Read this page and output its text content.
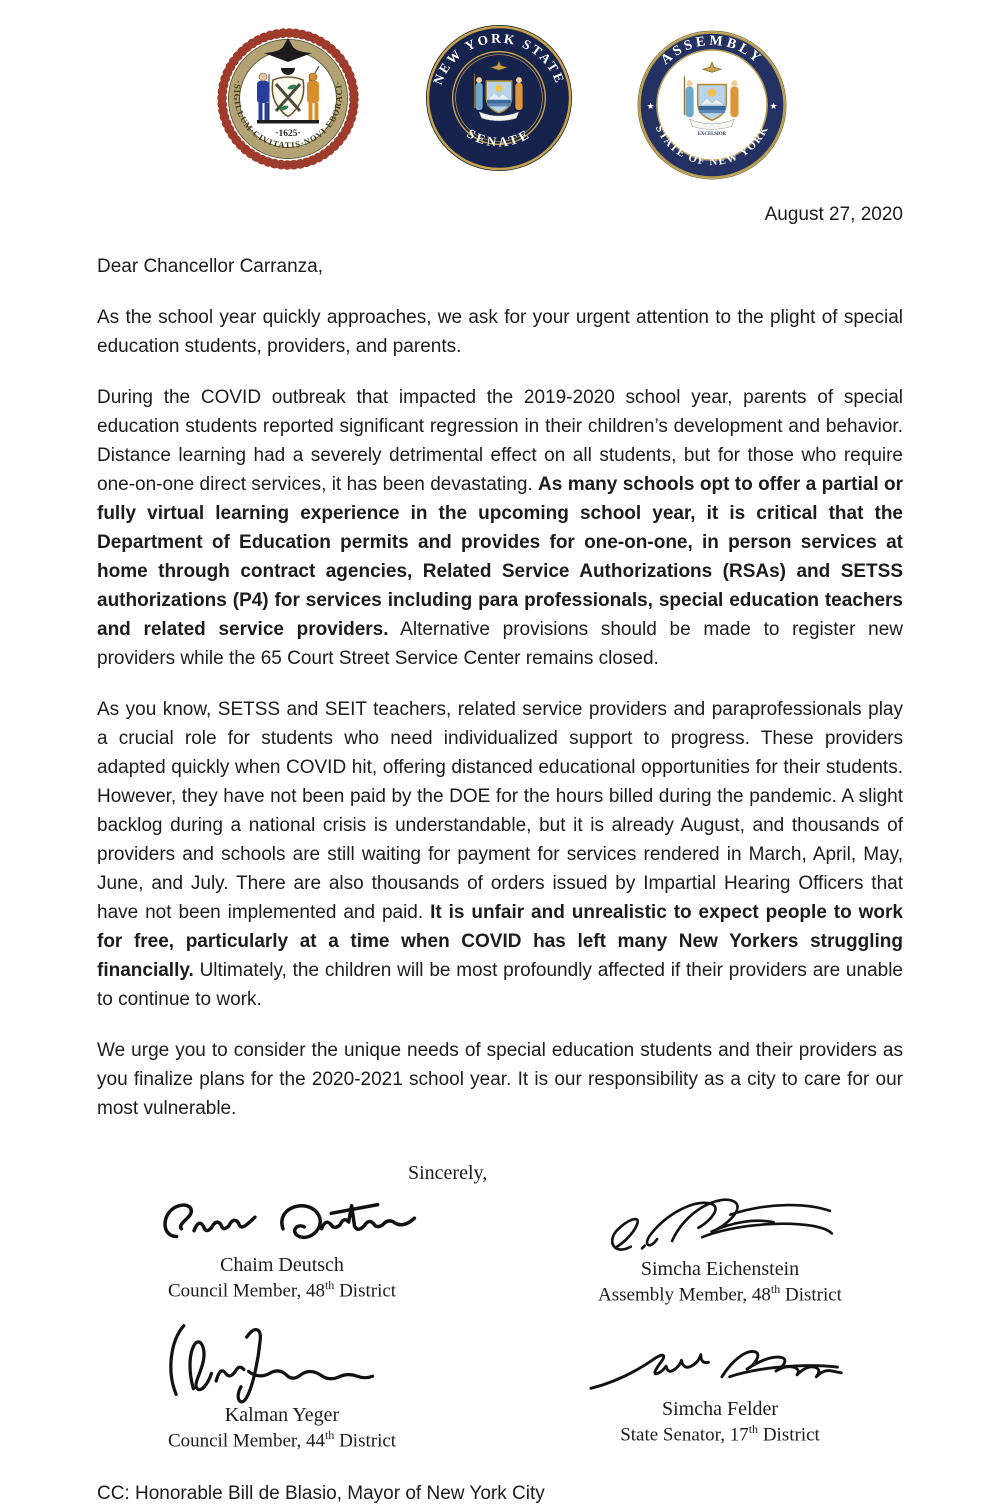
·SIGILLUM·CIVITATIS·NOVI·EBORACI·
·1625·
NEW YORK STATE
SENATE
EXCELSIOR
ASSEMBLY
STATE OF NEW YORK
★	★
EXCELSIOR
August 27, 2020
Dear Chancellor Carranza,

As the school year quickly approaches, we ask for your urgent attention to the plight of special education students, providers, and parents.

During the COVID outbreak that impacted the 2019-2020 school year, parents of special education students reported significant regression in their children’s development and behavior. Distance learning had a severely detrimental effect on all students, but for those who require one-on-one direct services, it has been devastating. As many schools opt to offer a partial or fully virtual learning experience in the upcoming school year, it is critical that the Department of Education permits and provides for one-on-one, in person services at home through contract agencies, Related Service Authorizations (RSAs) and SETSS authorizations (P4) for services including para professionals, special education teachers and related service providers. Alternative provisions should be made to register new providers while the 65 Court Street Service Center remains closed.

As you know, SETSS and SEIT teachers, related service providers and paraprofessionals play a crucial role for students who need individualized support to progress. These providers adapted quickly when COVID hit, offering distanced educational opportunities for their students. However, they have not been paid by the DOE for the hours billed during the pandemic. A slight backlog during a national crisis is understandable, but it is already August, and thousands of providers and schools are still waiting for payment for services rendered in March, April, May, June, and July. There are also thousands of orders issued by Impartial Hearing Officers that have not been implemented and paid. It is unfair and unrealistic to expect people to work for free, particularly at a time when COVID has left many New Yorkers struggling financially. Ultimately, the children will be most profoundly affected if their providers are unable to continue to work.

We urge you to consider the unique needs of special education students and their providers as you finalize plans for the 2020-2021 school year. It is our responsibility as a city to care for our most vulnerable.

Sincerely,
Chaim Deutsch
Council Member, 48th District
Simcha Eichenstein
Assembly Member, 48th District
Kalman Yeger
Council Member, 44th District
Simcha Felder
State Senator, 17th District
CC: Honorable Bill de Blasio, Mayor of New York City
